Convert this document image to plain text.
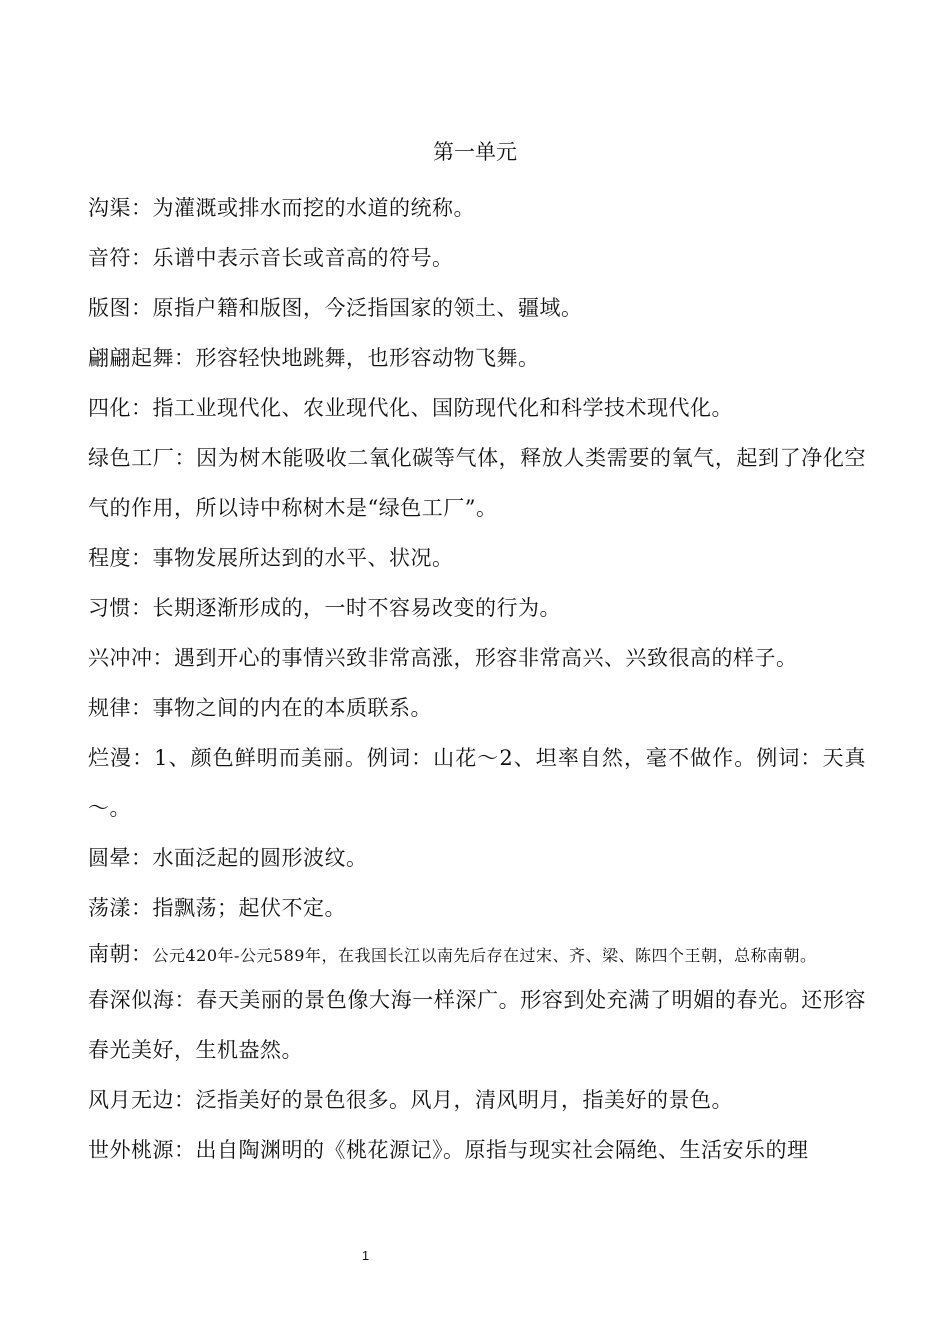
第一单元

沟渠：为灌溉或排水而挖的水道的统称。

音符：乐谱中表示音长或音高的符号。

版图：原指户籍和版图，今泛指国家的领土、疆域。

翩翩起舞：形容轻快地跳舞，也形容动物飞舞。

四化：指工业现代化、农业现代化、国防现代化和科学技术现代化。

绿色工厂：因为树木能吸收二氧化碳等气体，释放人类需要的氧气，起到了净化空气的作用，所以诗中称树木是“绿色工厂”。

程度：事物发展所达到的水平、状况。

习惯：长期逐渐形成的，一时不容易改变的行为。

兴冲冲：遇到开心的事情兴致非常高涨，形容非常高兴、兴致很高的样子。

规律：事物之间的内在的本质联系。

烂漫：1、颜色鲜明而美丽。例词：山花～2、坦率自然，毫不做作。例词：天真～。

圆晕：水面泛起的圆形波纹。

荡漾：指飘荡；起伏不定。

南朝：公元420年-公元589年，在我国长江以南先后存在过宋、齐、梁、陈四个王朝，总称南朝。

春深似海：春天美丽的景色像大海一样深广。形容到处充满了明媚的春光。还形容春光美好，生机盎然。

风月无边：泛指美好的景色很多。风月，清风明月，指美好的景色。

世外桃源：出自陶渊明的《桃花源记》。原指与现实社会隔绝、生活安乐的理

1
